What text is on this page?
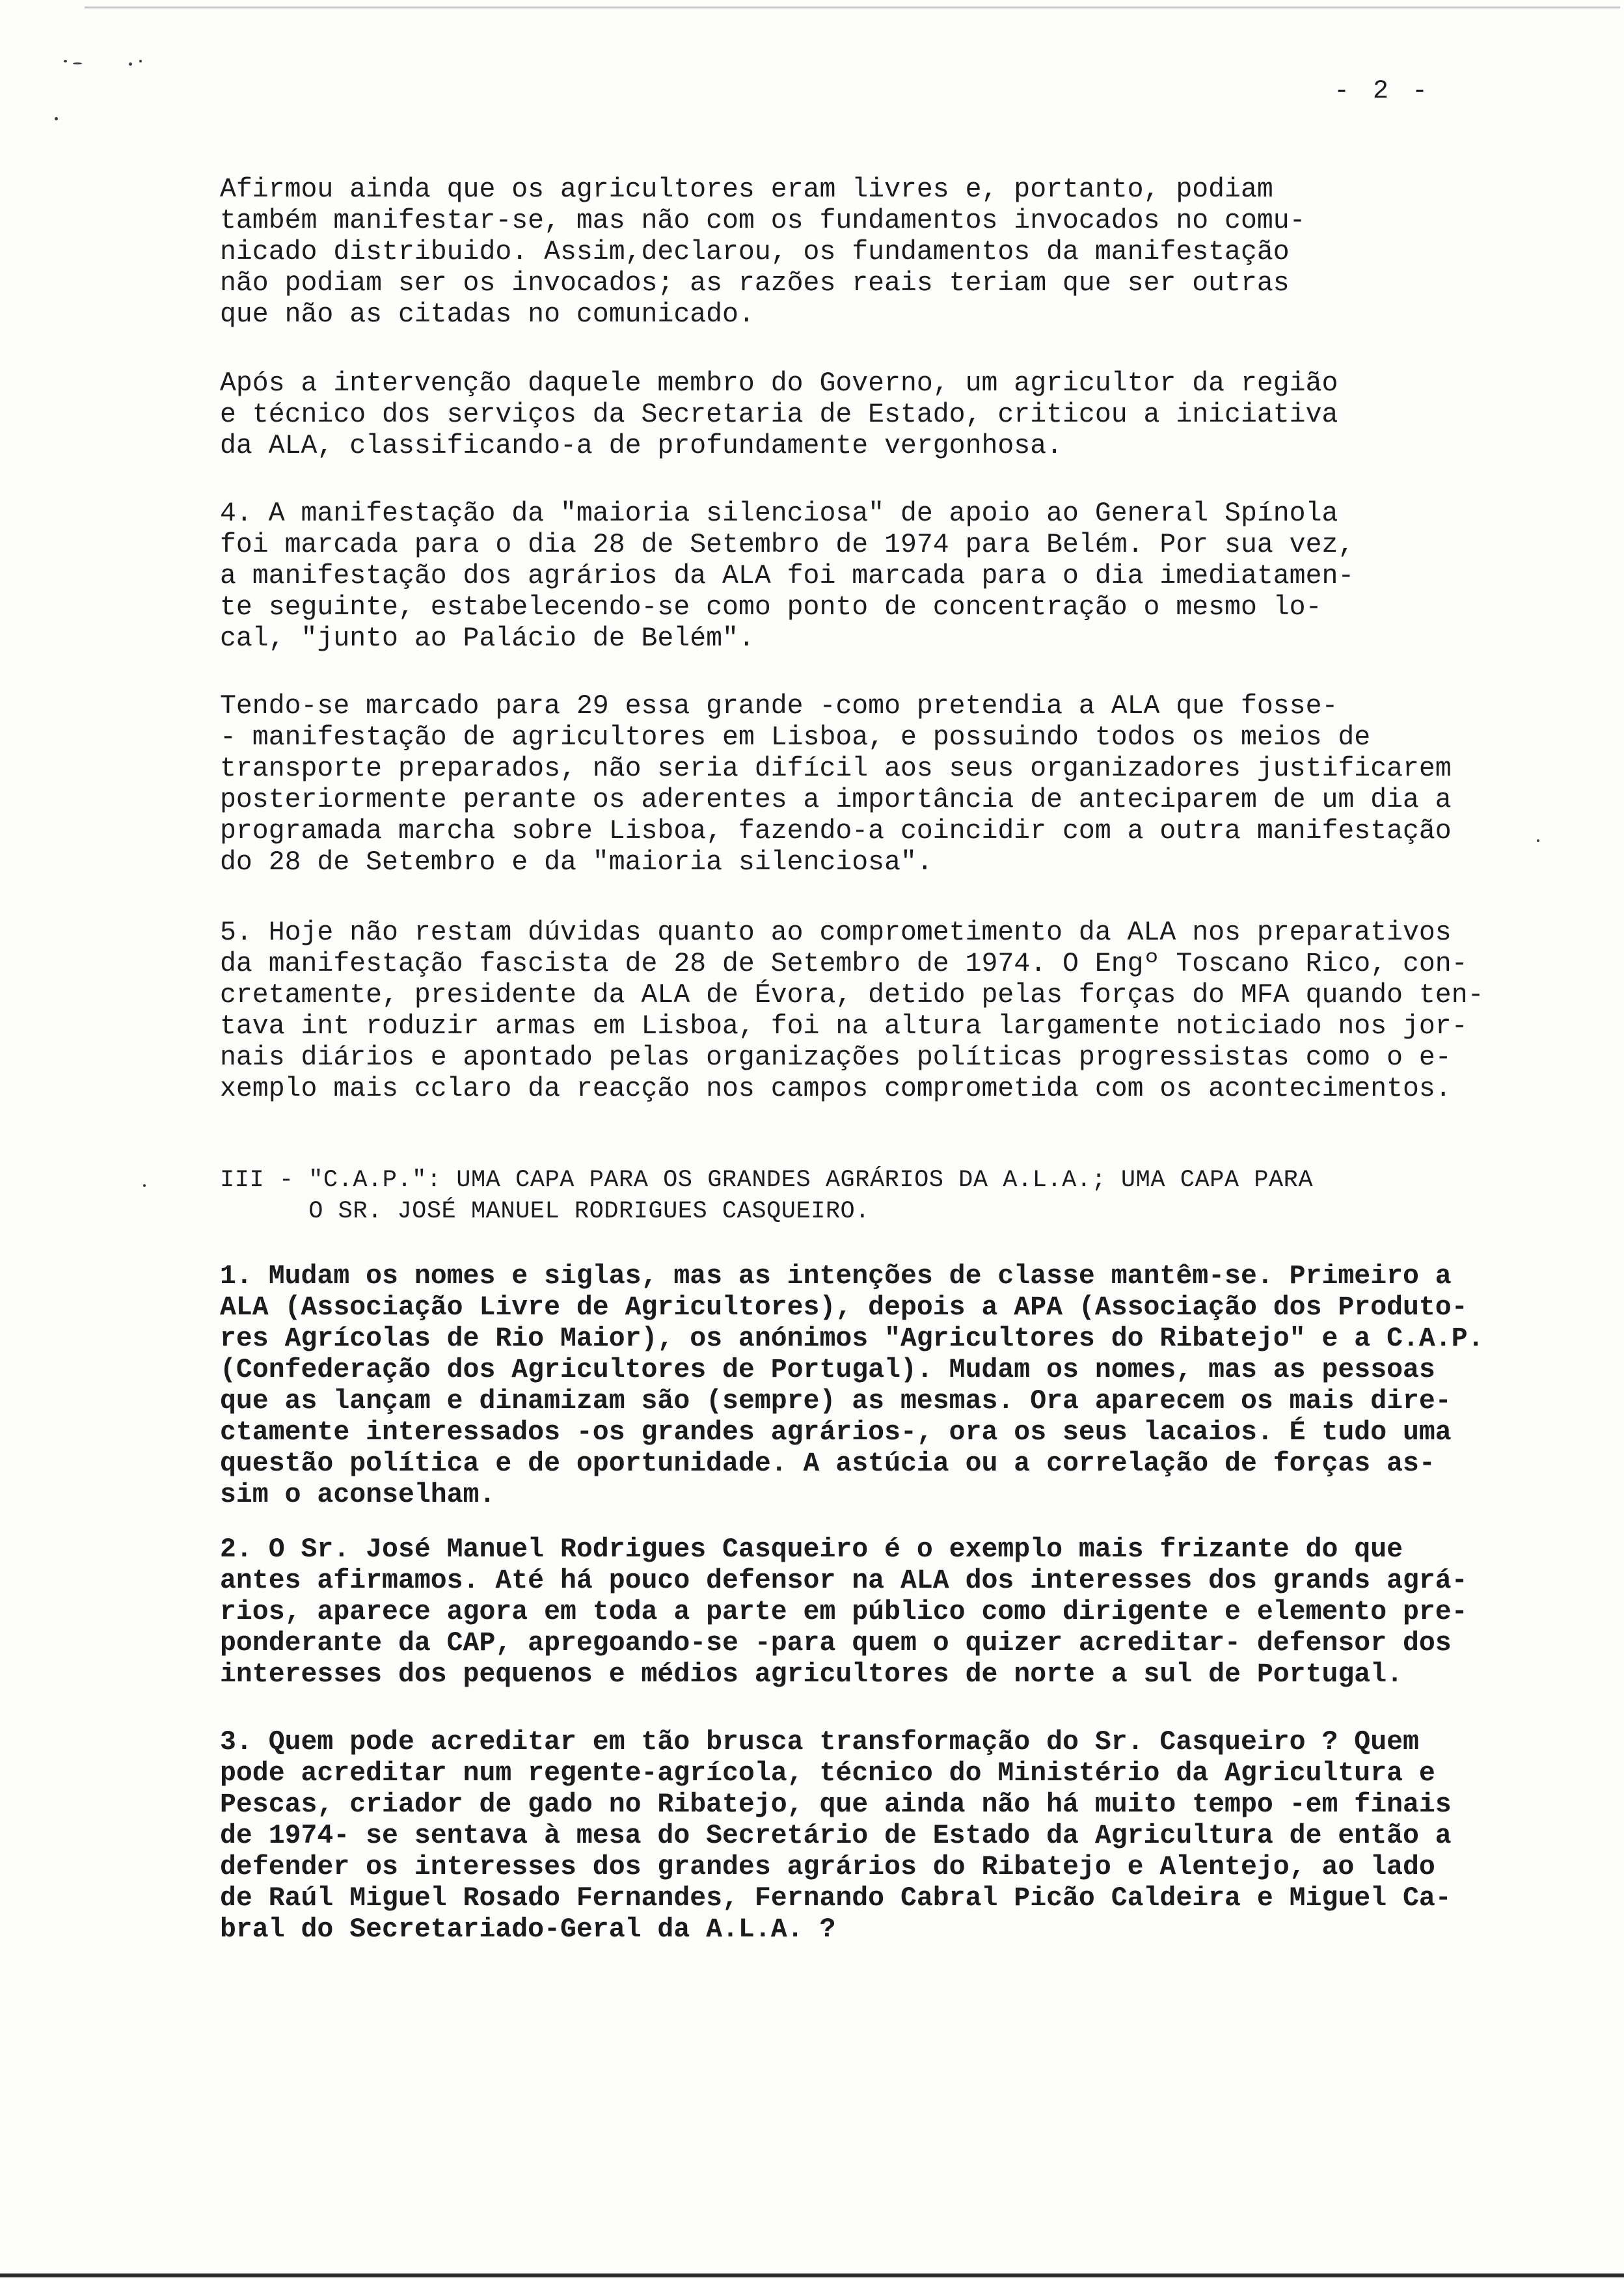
- 2 -

Afirmou ainda que os agricultores eram livres e, portanto, podiam
também manifestar-se, mas não com os fundamentos invocados no comu-
nicado distribuido. Assim,declarou, os fundamentos da manifestação
não podiam ser os invocados; as razões reais teriam que ser outras
que não as citadas no comunicado.

Após a intervenção daquele membro do Governo, um agricultor da região
e técnico dos serviços da Secretaria de Estado, criticou a iniciativa
da ALA, classificando-a de profundamente vergonhosa.

4. A manifestação da "maioria silenciosa" de apoio ao General Spínola
foi marcada para o dia 28 de Setembro de 1974 para Belém. Por sua vez,
a manifestação dos agrários da ALA foi marcada para o dia imediatamen-
te seguinte, estabelecendo-se como ponto de concentração o mesmo lo-
cal, "junto ao Palácio de Belém".

Tendo-se marcado para 29 essa grande -como pretendia a ALA que fosse-
- manifestação de agricultores em Lisboa, e possuindo todos os meios de
transporte preparados, não seria difícil aos seus organizadores justificarem
posteriormente perante os aderentes a importância de anteciparem de um dia a
programada marcha sobre Lisboa, fazendo-a coincidir com a outra manifestação
do 28 de Setembro e da "maioria silenciosa".

5. Hoje não restam dúvidas quanto ao comprometimento da ALA nos preparativos
da manifestação fascista de 28 de Setembro de 1974. O Engº Toscano Rico, con-
cretamente, presidente da ALA de Évora, detido pelas forças do MFA quando ten-
tava int roduzir armas em Lisboa, foi na altura largamente noticiado nos jor-
nais diários e apontado pelas organizações políticas progressistas como o e-
xemplo mais cclaro da reacção nos campos comprometida com os acontecimentos.

III - "C.A.P.": UMA CAPA PARA OS GRANDES AGRÁRIOS DA A.L.A.; UMA CAPA PARA
O SR. JOSÉ MANUEL RODRIGUES CASQUEIRO.

1. Mudam os nomes e siglas, mas as intenções de classe mantêm-se. Primeiro a
ALA (Associação Livre de Agricultores), depois a APA (Associação dos Produto-
res Agrícolas de Rio Maior), os anónimos "Agricultores do Ribatejo" e a C.A.P.
(Confederação dos Agricultores de Portugal). Mudam os nomes, mas as pessoas
que as lançam e dinamizam são (sempre) as mesmas. Ora aparecem os mais dire-
ctamente interessados -os grandes agrários-, ora os seus lacaios. É tudo uma
questão política e de oportunidade. A astúcia ou a correlação de forças as-
sim o aconselham.

2. O Sr. José Manuel Rodrigues Casqueiro é o exemplo mais frizante do que
antes afirmamos. Até há pouco defensor na ALA dos interesses dos grands agrá-
rios, aparece agora em toda a parte em público como dirigente e elemento pre-
ponderante da CAP, apregoando-se -para quem o quizer acreditar- defensor dos
interesses dos pequenos e médios agricultores de norte a sul de Portugal.

3. Quem pode acreditar em tão brusca transformação do Sr. Casqueiro ? Quem
pode acreditar num regente-agrícola, técnico do Ministério da Agricultura e
Pescas, criador de gado no Ribatejo, que ainda não há muito tempo -em finais
de 1974- se sentava à mesa do Secretário de Estado da Agricultura de então a
defender os interesses dos grandes agrários do Ribatejo e Alentejo, ao lado
de Raúl Miguel Rosado Fernandes, Fernando Cabral Picão Caldeira e Miguel Ca-
bral do Secretariado-Geral da A.L.A. ?
